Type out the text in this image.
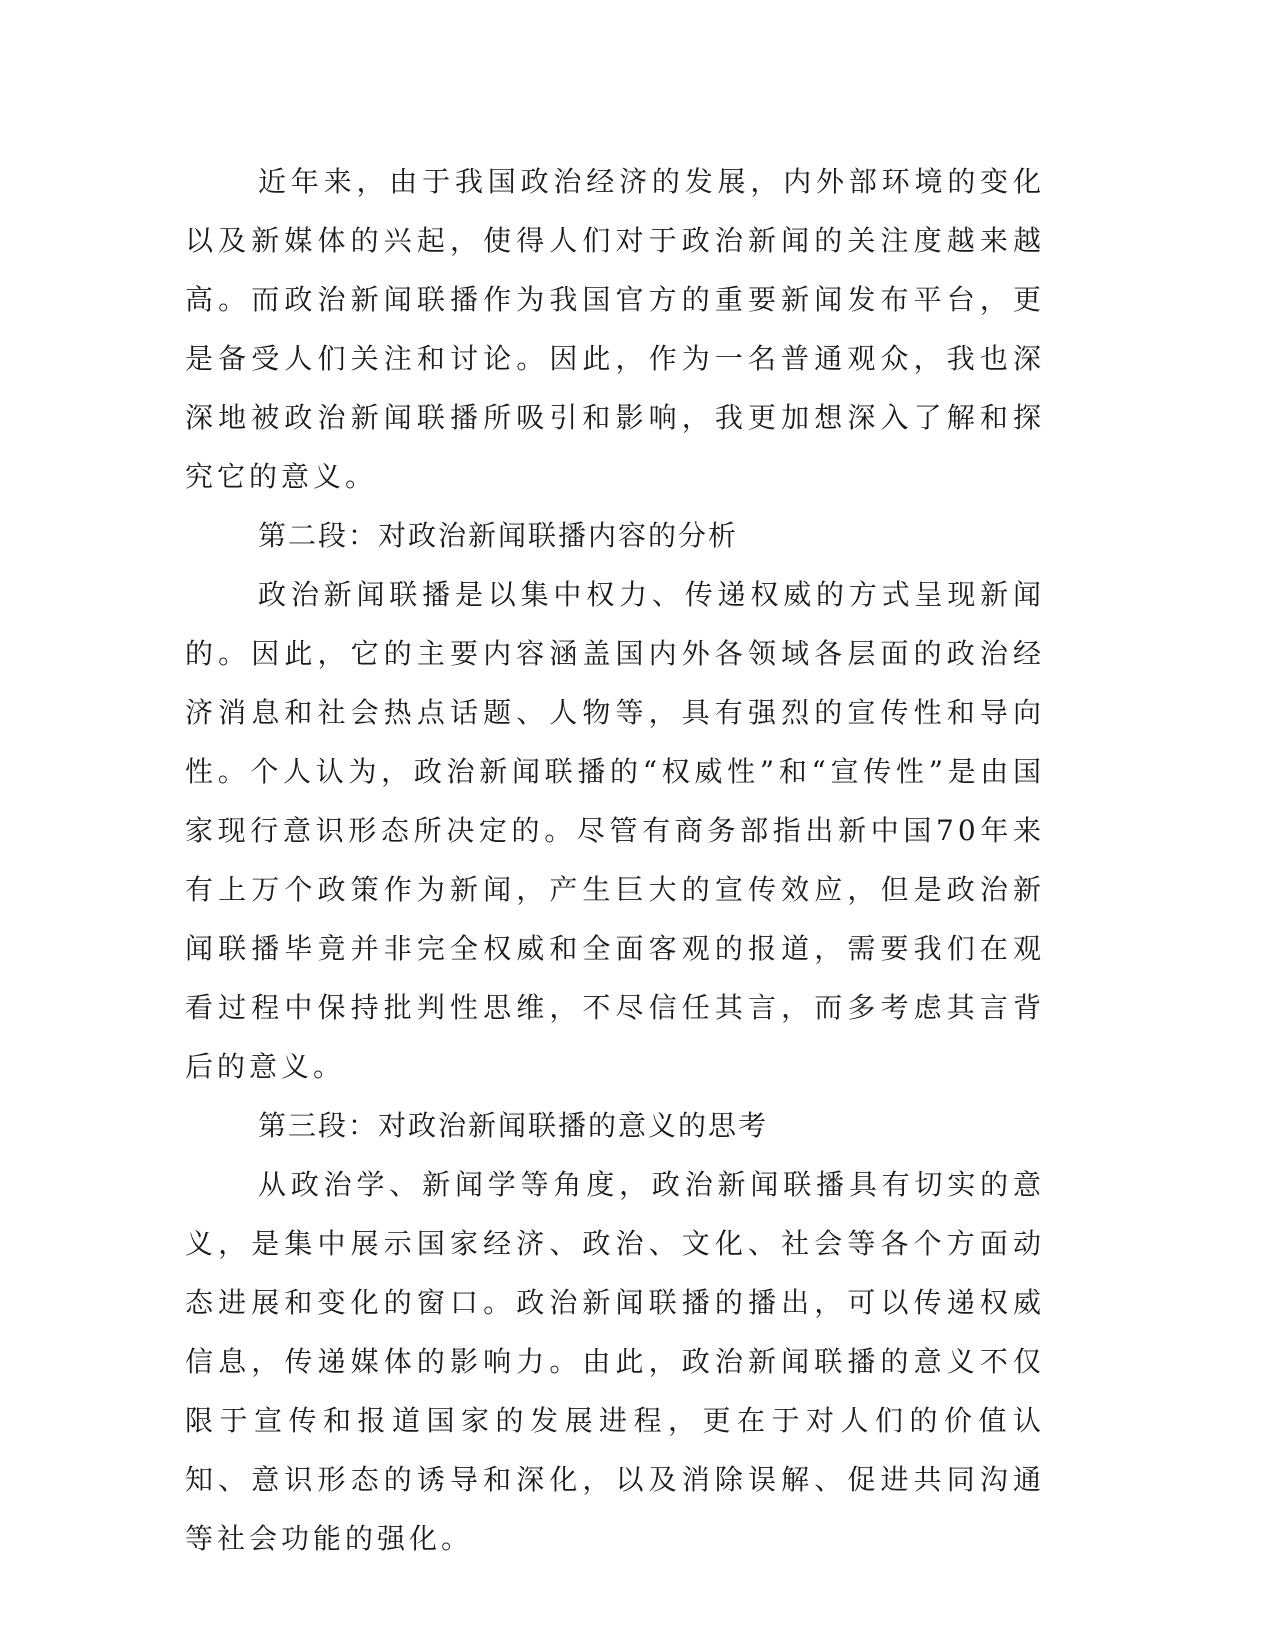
近年来，由于我国政治经济的发展，内外部环境的变化以及新媒体的兴起，使得人们对于政治新闻的关注度越来越高。而政治新闻联播作为我国官方的重要新闻发布平台，更是备受人们关注和讨论。因此，作为一名普通观众，我也深深地被政治新闻联播所吸引和影响，我更加想深入了解和探究它的意义。

第二段：对政治新闻联播内容的分析

政治新闻联播是以集中权力、传递权威的方式呈现新闻的。因此，它的主要内容涵盖国内外各领域各层面的政治经济消息和社会热点话题、人物等，具有强烈的宣传性和导向性。个人认为，政治新闻联播的“权威性”和“宣传性”是由国家现行意识形态所决定的。尽管有商务部指出新中国70年来有上万个政策作为新闻，产生巨大的宣传效应，但是政治新闻联播毕竟并非完全权威和全面客观的报道，需要我们在观看过程中保持批判性思维，不尽信任其言，而多考虑其言背后的意义。

第三段：对政治新闻联播的意义的思考

从政治学、新闻学等角度，政治新闻联播具有切实的意义，是集中展示国家经济、政治、文化、社会等各个方面动态进展和变化的窗口。政治新闻联播的播出，可以传递权威信息，传递媒体的影响力。由此，政治新闻联播的意义不仅限于宣传和报道国家的发展进程，更在于对人们的价值认知、意识形态的诱导和深化，以及消除误解、促进共同沟通等社会功能的强化。
